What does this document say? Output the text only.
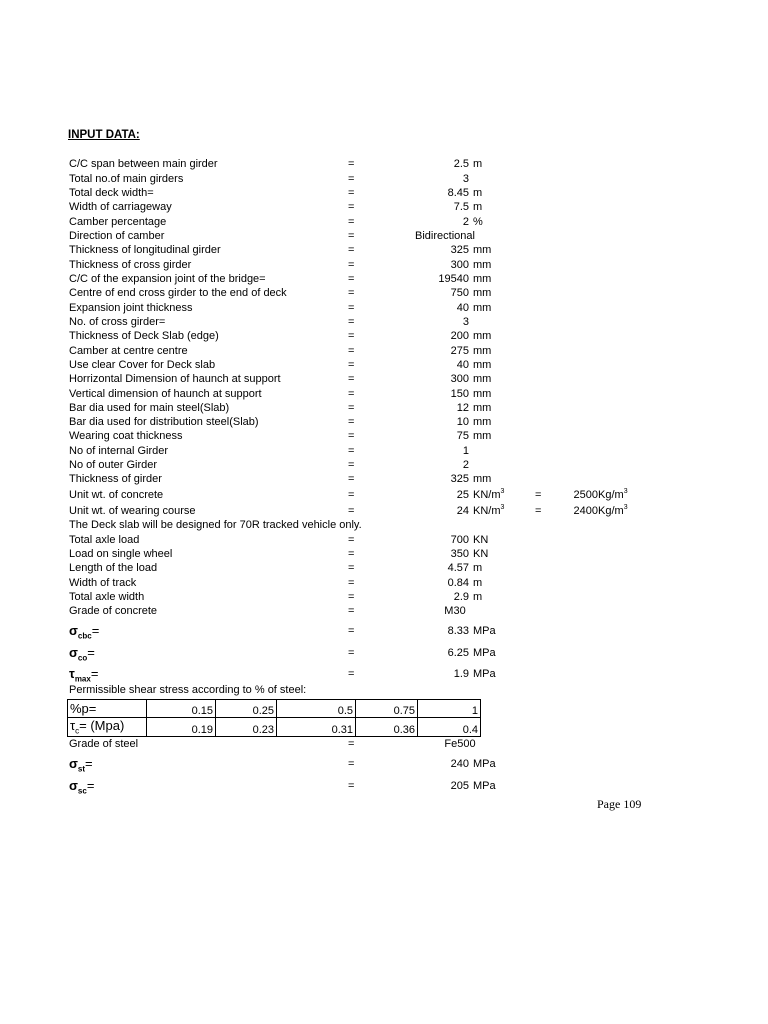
INPUT DATA:
C/C span between main girder	=	2.5 m
Total no.of main girders	=	3
Total deck width=	=	8.45 m
Width of carriageway	=	7.5 m
Camber percentage	=	2 %
Direction of camber	=	Bidirectional
Thickness of longitudinal girder	=	325 mm
Thickness of cross girder	=	300 mm
C/C of the expansion joint of the bridge=	=	19540 mm
Centre of end cross girder to the end of deck	=	750 mm
Expansion joint thickness	=	40 mm
No. of cross girder=	=	3
Thickness of Deck Slab (edge)	=	200 mm
Camber at centre centre	=	275 mm
Use clear Cover for Deck slab	=	40 mm
Horrizontal Dimension of haunch at support	=	300 mm
Vertical dimension of haunch at support	=	150 mm
Bar dia used for main steel(Slab)	=	12 mm
Bar dia used for distribution steel(Slab)	=	10 mm
Wearing coat thickness	=	75 mm
No of internal Girder	=	1
No of outer Girder	=	2
Thickness of girder	=	325 mm
Unit wt. of concrete	=	25 $KN/m^3$	=	2500 $Kg/m^3$
Unit wt. of wearing course	=	24 $KN/m^3$	=	2400 $Kg/m^3$
The Deck slab will be designed for 70R tracked vehicle only.
Total axle load	=	700 KN
Load on single wheel	=	350 KN
Length of the load	=	4.57 m
Width of track	=	0.84 m
Total axle width	=	2.9 m
Grade of concrete	=	M30
$\sigma_{cbc}=$	=	8.33 MPa
$\sigma_{co}=$	=	6.25 MPa
$\tau_{max}=$	=	1.9 MPa
Permissible shear stress according to % of steel:
%p=	0.15	0.25	0.5	0.75	1
$\tau_c= (Mpa)$	0.19	0.23	0.31	0.36	0.4
Grade of steel	=	Fe500
$\sigma_{st}=$	=	240 MPa
$\sigma_{sc}=$	=	205 MPa
Page 109
